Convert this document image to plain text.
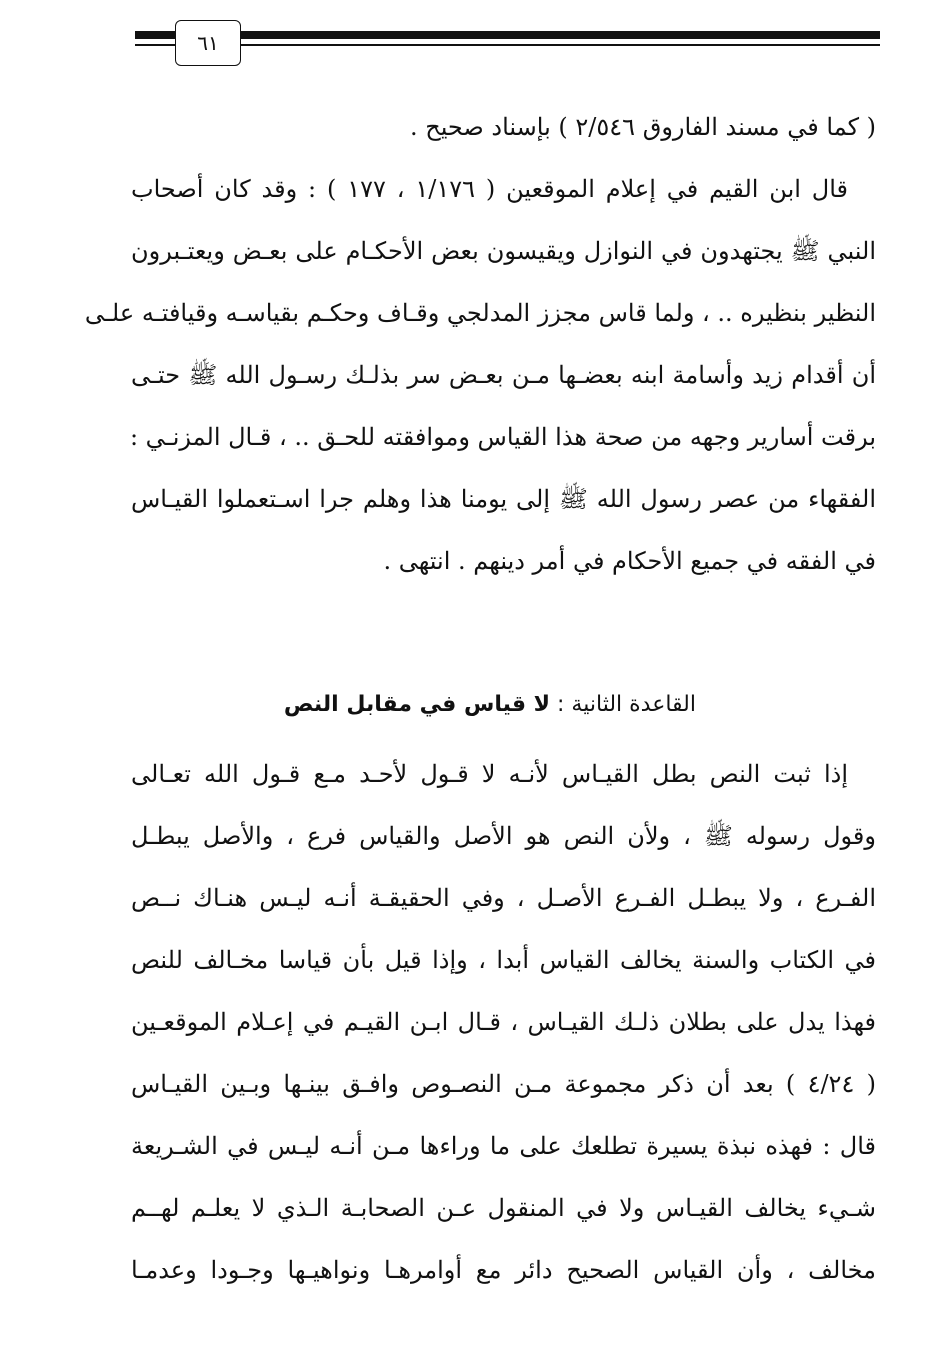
٦١
( كما في مسند الفاروق ٢/٥٤٦ ) بإسناد صحيح .
قال ابن القيم في إعلام الموقعين ( ١/١٧٦ ، ١٧٧ ) : وقد كان أصحاب
النبي ﷺ يجتهدون في النوازل ويقيسون بعض الأحكـام على بعـض ويعتـبرون
النظير بنظيره .. ، ولما قاس مجزز المدلجي وقـاف وحكـم بقياسـه وقيافتـه علـى
أن أقدام زيد وأسامة ابنه بعضـها مـن بعـض سر بذلـك رسـول الله ﷺ حتـى
برقت أسارير وجهه من صحة هذا القياس وموافقته للحـق .. ، قـال المزنـي :
الفقهاء من عصر رسول الله ﷺ إلى يومنا هذا وهلم جرا اسـتعملوا القيـاس
في الفقه في جميع الأحكام في أمر دينهم . انتهى .
القاعدة الثانية : لا قياس في مقابل النص
إذا ثبت النص بطل القيـاس لأنـه لا قـول لأحـد مـع قـول الله تعـالى
وقول رسوله ﷺ ، ولأن النص هو الأصل والقياس فرع ، والأصل يبطـل
الفـرع ، ولا يبطـل الفـرع الأصـل ، وفي الحقيقـة أنـه ليـس هنـاك نــص
في الكتاب والسنة يخالف القياس أبدا ، وإذا قيل بأن قياسا مخـالف للنص
فهذا يدل على بطلان ذلـك القيـاس ، قـال ابـن القيـم في إعـلام الموقعـين
( ٤/٢٤ ) بعد أن ذكر مجموعة مـن النصـوص وافـق بينـها وبـين القيـاس
قال : فهذه نبذة يسيرة تطلعك على ما وراءها مـن أنـه ليـس في الشـريعة
شـيء يخالف القيـاس ولا في المنقول عـن الصحابـة الـذي لا يعلـم لهــم
مخالف ، وأن القياس الصحيح دائر مع أوامرهـا ونواهيـها وجـودا وعدمـا
